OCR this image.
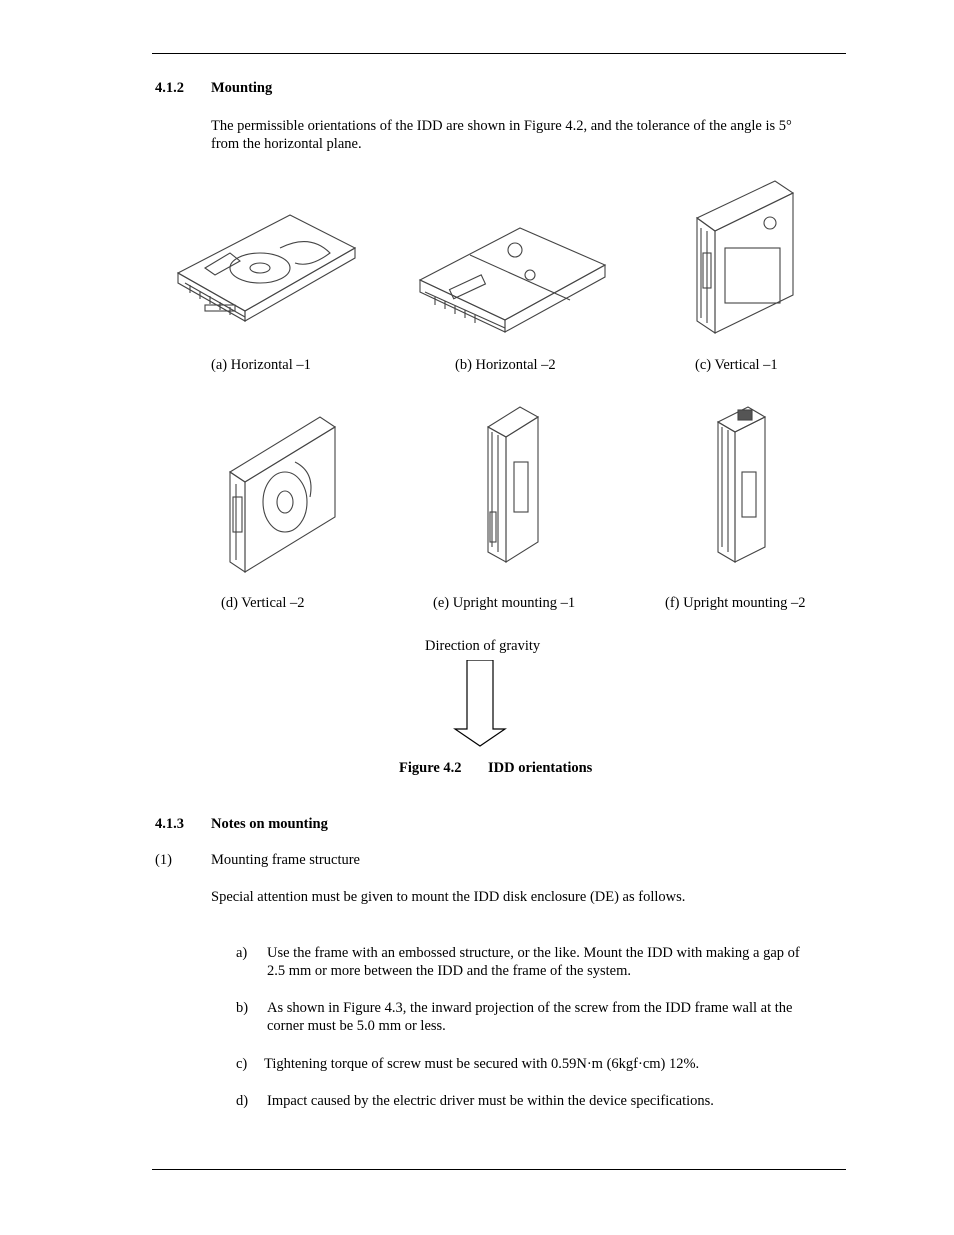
4.1.2 Mounting
The permissible orientations of the IDD are shown in Figure 4.2, and the tolerance of the angle is 5°
from the horizontal plane.
(a) Horizontal –1	(b) Horizontal –2	(c) Vertical –1
(d) Vertical –2	(e) Upright mounting –1	(f) Upright mounting –2
Direction of gravity
Figure 4.2 IDD orientations
4.1.3 Notes on mounting
(1)	Mounting frame structure
Special attention must be given to mount the IDD disk enclosure (DE) as follows.
a) Use the frame with an embossed structure, or the like. Mount the IDD with making a gap of
2.5 mm or more between the IDD and the frame of the system.
b) As shown in Figure 4.3, the inward projection of the screw from the IDD frame wall at the
corner must be 5.0 mm or less.
c) Tightening torque of screw must be secured with 0.59N·m (6kgf·cm) 12%.
d) Impact caused by the electric driver must be within the device specifications.
